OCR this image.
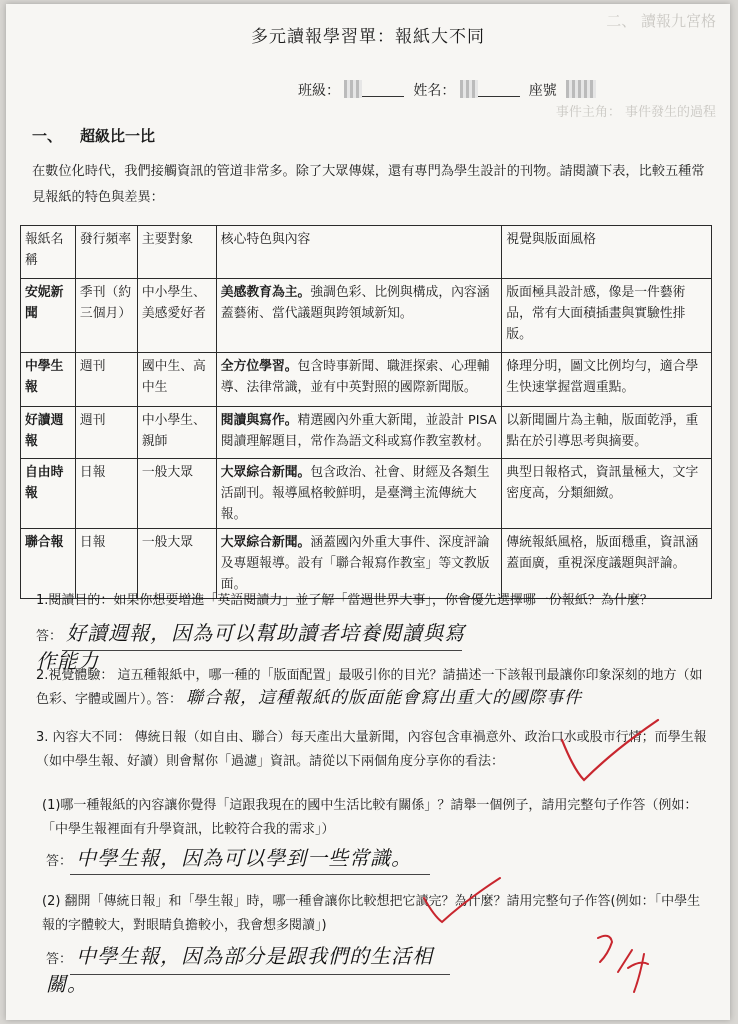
二、 讀報九宮格
事件主角： 事件發生的過程
多元讀報學習單：報紙大不同
班級：	姓名：	座號
一、 超級比一比
在數位化時代，我們接觸資訊的管道非常多。除了大眾傳媒，還有專門為學生設計的刊物。請閱讀下表，比較五種常見報紙的特色與差異：
報紙名稱	發行頻率	主要對象	核心特色與內容	視覺與版面風格
安妮新聞	季刊（約三個月）	中小學生、美感愛好者	美感教育為主。強調色彩、比例與構成，內容涵蓋藝術、當代議題與跨領域新知。	版面極具設計感，像是一件藝術品，常有大面積插畫與實驗性排版。
中學生報	週刊	國中生、高中生	全方位學習。包含時事新聞、職涯探索、心理輔導、法律常識，並有中英對照的國際新聞版。	條理分明，圖文比例均勻，適合學生快速掌握當週重點。
好讀週報	週刊	中小學生、親師	閱讀與寫作。精選國內外重大新聞，並設計 PISA 閱讀理解題目，常作為語文科或寫作教室教材。	以新聞圖片為主軸，版面乾淨，重點在於引導思考與摘要。
自由時報	日報	一般大眾	大眾綜合新聞。包含政治、社會、財經及各類生活副刊。報導風格較鮮明，是臺灣主流傳統大報。	典型日報格式，資訊量極大，文字密度高，分類細緻。
聯合報	日報	一般大眾	大眾綜合新聞。涵蓋國內外重大事件、深度評論及專題報導。設有「聯合報寫作教室」等文教版面。	傳統報紙風格，版面穩重，資訊涵蓋面廣，重視深度議題與評論。
1.閱讀目的：如果你想要增進「英語閱讀力」並了解「當週世界大事」，你會優先選擇哪一份報紙？為什麼？
答： 好讀週報，因為可以幫助讀者培養閱讀與寫作能力
2.視覺體驗： 這五種報紙中，哪一種的「版面配置」最吸引你的目光？請描述一下該報刊最讓你印象深刻的地方（如色彩、字體或圖片）。
答： 聯合報，這種報紙的版面能會寫出重大的國際事件
3. 內容大不同： 傳統日報（如自由、聯合）每天產出大量新聞，內容包含車禍意外、政治口水或股市行情；而學生報（如中學生報、好讀）則會幫你「過濾」資訊。請從以下兩個角度分享你的看法：
(1)哪一種報紙的內容讓你覺得「這跟我現在的國中生活比較有關係」？請舉一個例子，請用完整句子作答（例如：「中學生報裡面有升學資訊，比較符合我的需求」）
答： 中學生報，因為可以學到一些常識。
(2) 翻開「傳統日報」和「學生報」時，哪一種會讓你比較想把它讀完？為什麼？請用完整句子作答(例如：「中學生報的字體較大，對眼睛負擔較小，我會想多閱讀」)
答： 中學生報，因為部分是跟我們的生活相關。
